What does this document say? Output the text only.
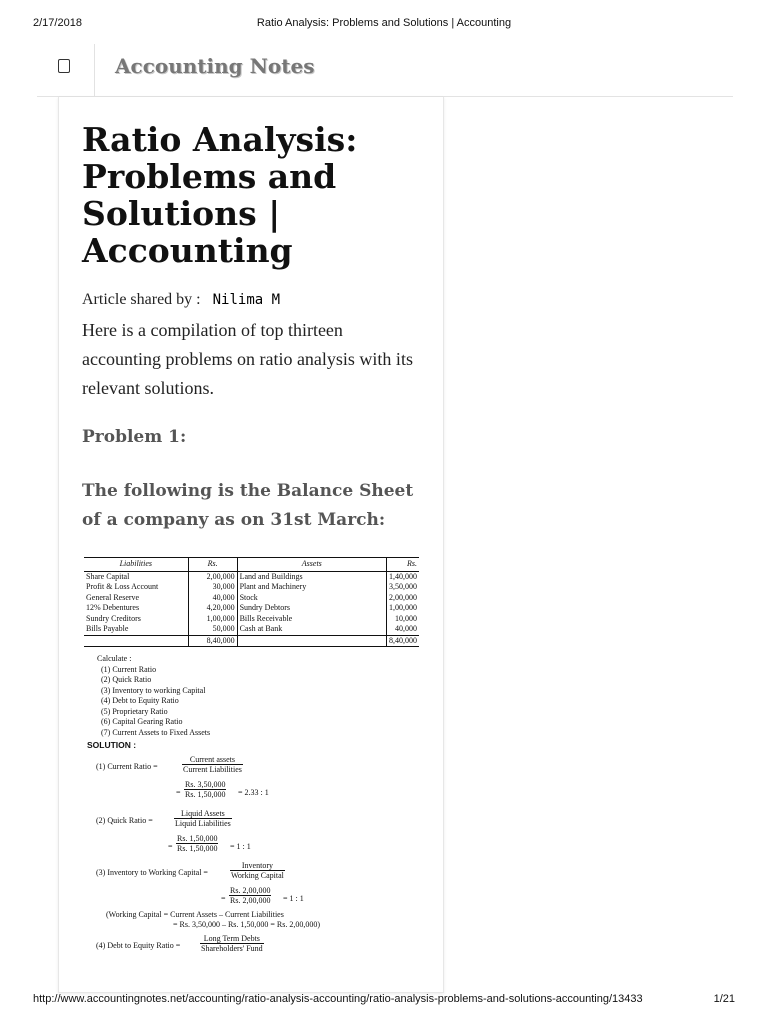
2/17/2018	Ratio Analysis: Problems and Solutions | Accounting
Accounting Notes
Ratio Analysis: Problems and Solutions | Accounting
Article shared by : Nilima M

Here is a compilation of top thirteen accounting problems on ratio analysis with its relevant solutions.

Problem 1:
The following is the Balance Sheet of a company as on 31st March:
Liabilities	Rs.	Assets	Rs.
Share Capital	2,00,000	Land and Buildings	1,40,000
Profit & Loss Account	30,000	Plant and Machinery	3,50,000
General Reserve	40,000	Stock	2,00,000
12% Debentures	4,20,000	Sundry Debtors	1,00,000
Sundry Creditors	1,00,000	Bills Receivable	10,000
Bills Payable	50,000	Cash at Bank	40,000
	8,40,000		8,40,000
Calculate :
(1) Current Ratio
(2) Quick Ratio
(3) Inventory to working Capital
(4) Debt to Equity Ratio
(5) Proprietary Ratio
(6) Capital Gearing Ratio
(7) Current Assets to Fixed Assets
SOLUTION :
(1) Current Ratio =
Current assets
Current Liabilities
= $\frac{Rs. 3,50,000}{Rs. 1,50,000} = 2.33$ : 1
(2) Quick Ratio =
Liquid Assets
Liquid Liabilities
= $\frac{Rs. 1,50,000}{Rs. 1,50,000} = 1$ : 1
(3) Inventory to Working Capital =
Inventory
Working Capital
= $\frac{Rs. 2,00,000}{Rs. 2,00,000} = 1$ : 1
(Working Capital = Current Assets – Current Liabilities
= Rs. 3,50,000 – Rs. 1,50,000 = Rs. 2,00,000)
(4) Debt to Equity Ratio =
Long Term Debts
Shareholders' Fund
http://www.accountingnotes.net/accounting/ratio-analysis-accounting/ratio-analysis-problems-and-solutions-accounting/13433	1/21
